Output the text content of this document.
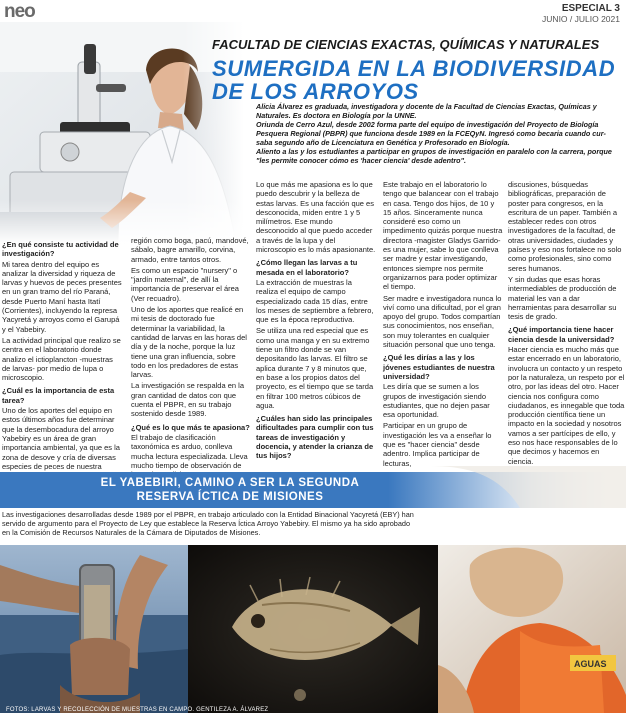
neo	ESPECIAL 3
JUNIO / JULIO 2021
FACULTAD DE CIENCIAS EXACTAS, QUÍMICAS Y NATURALES
SUMERGIDA EN LA BIODIVERSIDAD
DE LOS ARROYOS

Alicia Álvarez es graduada, investigadora y docente de la Facultad de Ciencias Exactas, Químicas y

Naturales. Es doctora en Biología por la UNNE.

Oriunda de Cerro Azul, desde 2002 forma parte del equipo de investigación del Proyecto de Biología

Pesquera Regional (PBPR) que funciona desde 1989 en la FCEQyN. Ingresó como becaria cuando cur-

saba segundo año de Licenciatura en Genética y Profesorado en Biología.

Aliento a las y los estudiantes a participar en grupos de investigación en paralelo con la carrera, porque

"les permite conocer cómo es 'hacer ciencia' desde adentro".

¿En qué consiste tu actividad de investigación?

Mi tarea dentro del equipo es analizar la diversidad y riqueza de larvas y huevos de peces presentes en un gran tramo del río Paraná, desde Puerto Maní hasta Itatí (Corrientes), incluyendo la represa Yacyretá y arroyos como el Garupá y el Yabebiry.

La actividad principal que realizo se centra en el laboratorio donde analizo el ictioplancton -muestras de larvas- por medio de lupa o microscopio.

¿Cuál es la importancia de esta tarea?

Uno de los aportes del equipo en estos últimos años fue determinar que la desembocadura del arroyo Yabebiry es un área de gran importancia ambiental, ya que es la zona de desove y cría de diversas especies de peces de nuestra

región como boga, pacú, mandové, sábalo, bagre amarillo, corvina, armado, entre tantos otros.

Es como un espacio "nursery" o "jardín maternal", de allí la importancia de preservar el área (Ver recuadro).

Uno de los aportes que realicé en mi tesis de doctorado fue determinar la variabilidad, la cantidad de larvas en las horas del día y de la noche, porque la luz tiene una gran influencia, sobre todo en los predadores de estas larvas.

La investigación se respalda en la gran cantidad de datos con que cuenta el PBPR, en su trabajo sostenido desde 1989.

¿Qué es lo que más te apasiona?

El trabajo de clasificación taxonómica es arduo, conlleva mucha lectura especializada. Lleva mucho tiempo de observación de

Lo que más me apasiona es lo que puedo descubrir y la belleza de estas larvas. Es una facción que es desconocida, miden entre 1 y 5 milímetros. Ese mundo desconocido al que puedo acceder a través de la lupa y del microscopio es lo más apasionante.

¿Cómo llegan las larvas a tu mesada en el laboratorio?

La extracción de muestras la realiza el equipo de campo especializado cada 15 días, entre los meses de septiembre a febrero, que es la época reproductiva.

Se utiliza una red especial que es como una manga y en su extremo tiene un filtro donde se van depositando las larvas. El filtro se aplica durante 7 y 8 minutos que, en base a los propios datos del proyecto, es el tiempo que se tarda en filtrar 100 metros cúbicos de agua.

¿Cuáles han sido las principales dificultades para cumplir con tus tareas de investigación y docencia, y atender la crianza de tus hijos?

Este trabajo en el laboratorio lo tengo que balancear con el trabajo en casa. Tengo dos hijos, de 10 y 15 años. Sinceramente nunca consideré eso como un impedimento quizás porque nuestra directora -magister Gladys Garrido- es una mujer, sabe lo que conlleva ser madre y estar investigando, entonces siempre nos permite organizarnos para poder optimizar el tiempo.

Ser madre e investigadora nunca lo viví como una dificultad, por el gran apoyo del grupo. Todos compartían sus conocimientos, nos enseñan, son muy tolerantes en cualquier situación personal que uno tenga.

¿Qué les dirías a las y los jóvenes estudiantes de nuestra universidad?

Les diría que se sumen a los grupos de investigación siendo estudiantes, que no dejen pasar esa oportunidad.

Participar en un grupo de investigación les va a enseñar lo que es "hacer ciencia" desde adentro. Implica participar de lecturas,

discusiones, búsquedas bibliográficas, preparación de poster para congresos, en la escritura de un paper. También a establecer redes con otros investigadores de la facultad, de otras universidades, ciudades y países y eso nos fortalece no solo como profesionales, sino como seres humanos.

Y sin dudas que esas horas intermediables de producción de material les van a dar herramientas para desarrollar su tesis de grado.

¿Qué importancia tiene hacer ciencia desde la universidad?

Hacer ciencia es mucho más que estar encerrado en un laboratorio, involucra un contacto y un respeto por la naturaleza, un respeto por el otro, por las ideas del otro. Hacer ciencia nos configura como ciudadanos, es innegable que toda producción científica tiene un impacto en la sociedad y nosotros vamos a ser partícipes de ello, y eso nos hace responsables de lo que decimos y hacemos en ciencia.

EL YABEBIRI, CAMINO A SER LA SEGUNDA
RESERVA ÍCTICA DE MISIONES
Las investigaciones desarrolladas desde 1989 por el PBPR, en trabajo articulado con la Entidad Binacional Yacyretá (EBY) han
servido de argumento para el Proyecto de Ley que establece la Reserva Íctica Arroyo Yabebiry. El mismo ya ha sido aprobado
en la Comisión de Recursos Naturales de la Cámara de Diputados de Misiones.
AGUAS
FOTOS: LARVAS Y RECOLECCIÓN DE MUESTRAS EN CAMPO. GENTILEZA A. ÁLVAREZ
